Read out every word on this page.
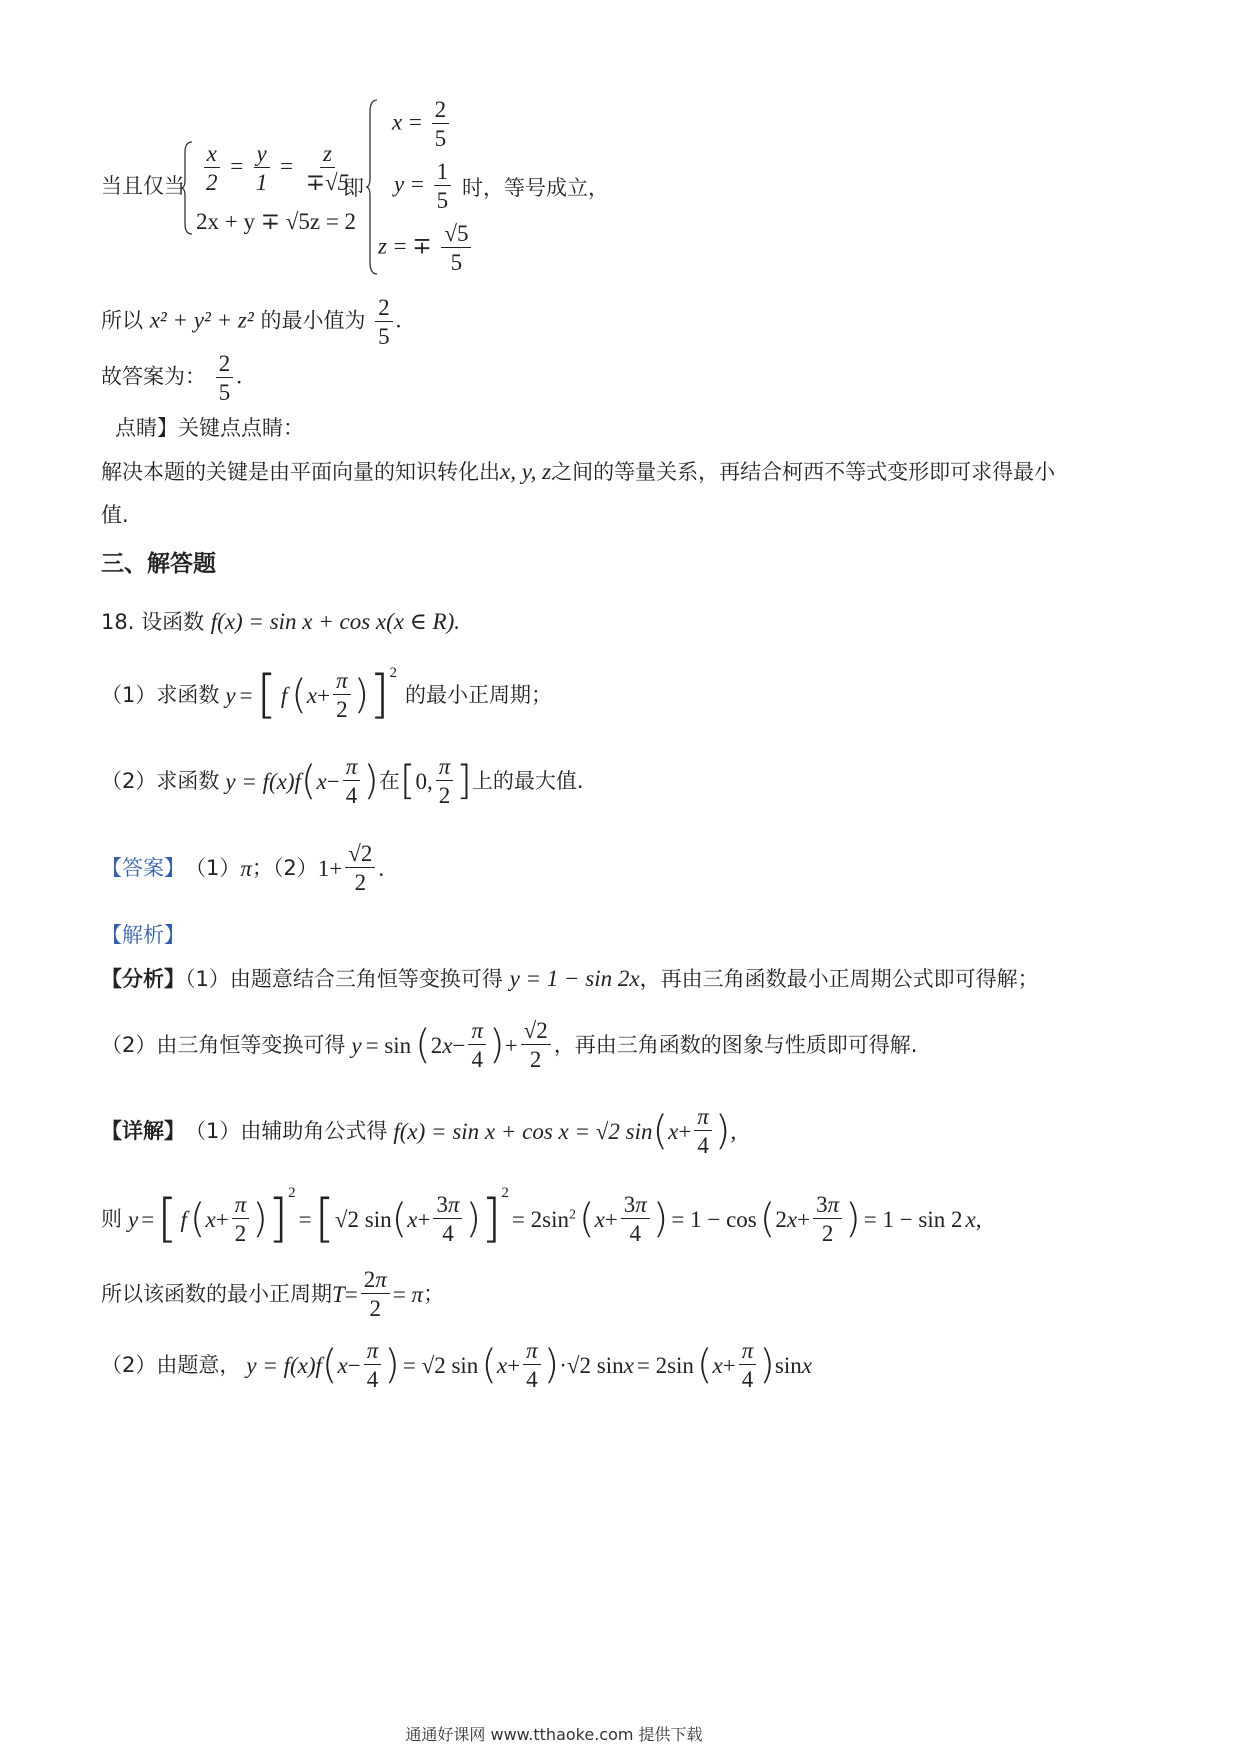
当且仅当 $\frac{x}{2} = \frac{y}{1} = \frac{z}{\mp√5}$
2x + y ∓ √5z = 2
即
$x = \frac{2}{5}$
$y = \frac{1}{5}$
z = ∓ $\frac{√5}{5}$
时，等号成立，
所以 x² + y² + z² 的最小值为 $\frac{2}{5}$ .
故答案为： $\frac{2}{5}$ .
点睛】关键点点睛：
解决本题的关键是由平面向量的知识转化出x, y, z之间的等量关系，再结合柯西不等式变形即可求得最小
值.
三、解答题
18. 设函数 f(x) = sin x + cos x(x ∈ R).
（1）求函数 y = [ f ( $x + \frac{\pi}{2}$ ) ] 2
的最小正周期；
（2）求函数 y = f(x)f ( $x - \frac{\pi}{4}$ ) 在 [ 0, $\frac{\pi}{2}$ ] 上的最大值.
【答案】 （1） π ；（2） $1+ \frac{√2}{2}$ .
【解析】
【分析】（1）由题意结合三角恒等变换可得 y = 1 − sin 2x，再由三角函数最小正周期公式即可得解；
（2）由三角恒等变换可得 y = sin ( 2 $x - \frac{\pi}{4}$ ) + $\frac{√2}{2}$ ，再由三角函数的图象与性质即可得解.
【详解】 （1）由辅助角公式得 f(x) = sin x + cos x = √2 sin ( $x + \frac{\pi}{4}$ ) ,
则 y = [ f ( $x + \frac{\pi}{2}$ ) ] 2
= [ √2 sin ( $x + \frac{3\pi}{4}$ ) ] 2
= $2\sin^2$ ( $x + \frac{3\pi}{4}$ ) = 1 − cos ( 2 $x + \frac{3\pi}{2}$ ) = 1 − sin 2 x ,
所以该函数的最小正周期 $T = \frac{2\pi}{2} = \pi$ ；
（2）由题意， y = f(x)f ( $x - \frac{\pi}{4}$ ) = √2 sin ( $x + \frac{\pi}{4}$ ) ·√2 sin x = 2sin ( $x + \frac{\pi}{4}$ ) sin x
通通好课网 www.tthaoke.com 提供下载
